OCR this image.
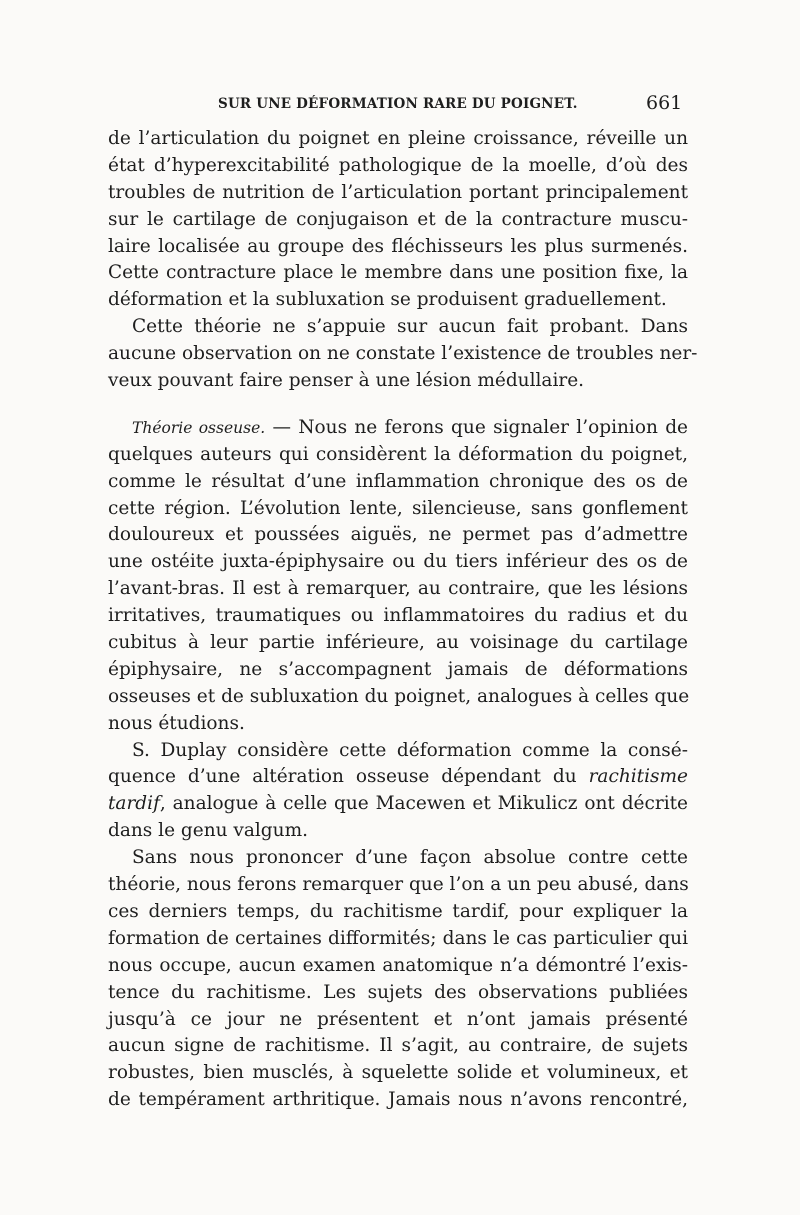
SUR UNE DÉFORMATION RARE DU POIGNET.	661
de l’articulation du poignet en pleine croissance, réveille un
état d’hyperexcitabilité pathologique de la moelle, d’où des
troubles de nutrition de l’articulation portant principalement
sur le cartilage de conjugaison et de la contracture muscu-
laire localisée au groupe des fléchisseurs les plus surmenés.
Cette contracture place le membre dans une position fixe, la
déformation et la subluxation se produisent graduellement.
Cette théorie ne s’appuie sur aucun fait probant. Dans
aucune observation on ne constate l’existence de troubles ner-
veux pouvant faire penser à une lésion médullaire.
Théorie osseuse. — Nous ne ferons que signaler l’opinion de
quelques auteurs qui considèrent la déformation du poignet,
comme le résultat d’une inflammation chronique des os de
cette région. L’évolution lente, silencieuse, sans gonflement
douloureux et poussées aiguës, ne permet pas d’admettre
une ostéite juxta-épiphysaire ou du tiers inférieur des os de
l’avant-bras. Il est à remarquer, au contraire, que les lésions
irritatives, traumatiques ou inflammatoires du radius et du
cubitus à leur partie inférieure, au voisinage du cartilage
épiphysaire, ne s’accompagnent jamais de déformations
osseuses et de subluxation du poignet, analogues à celles que
nous étudions.
S. Duplay considère cette déformation comme la consé-
quence d’une altération osseuse dépendant du rachitisme
tardif, analogue à celle que Macewen et Mikulicz ont décrite
dans le genu valgum.
Sans nous prononcer d’une façon absolue contre cette
théorie, nous ferons remarquer que l’on a un peu abusé, dans
ces derniers temps, du rachitisme tardif, pour expliquer la
formation de certaines difformités; dans le cas particulier qui
nous occupe, aucun examen anatomique n’a démontré l’exis-
tence du rachitisme. Les sujets des observations publiées
jusqu’à ce jour ne présentent et n’ont jamais présenté
aucun signe de rachitisme. Il s’agit, au contraire, de sujets
robustes, bien musclés, à squelette solide et volumineux, et
de tempérament arthritique. Jamais nous n’avons rencontré,
